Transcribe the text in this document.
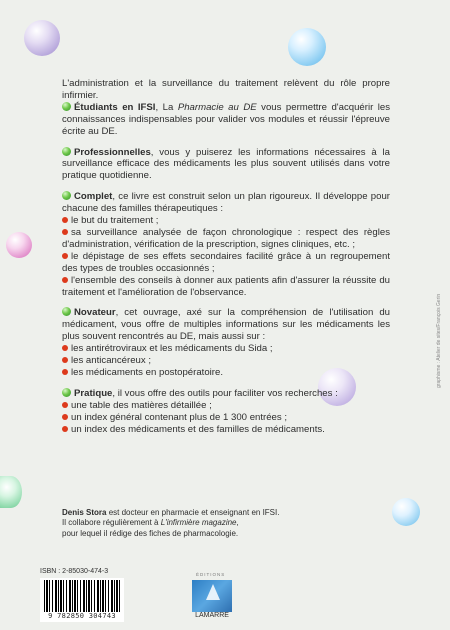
L'administration et la surveillance du traitement relèvent du rôle propre infirmier.

Étudiants en IFSI, La Pharmacie au DE vous permettre d'acquérir les connaissances indispensables pour valider vos modules et réussir l'épreuve écrite au DE.

Professionnelles, vous y puiserez les informations nécessaires à la surveillance efficace des médicaments les plus souvent utilisés dans votre pratique quotidienne.

Complet, ce livre est construit selon un plan rigoureux. Il développe pour chacune des familles thérapeutiques :

le but du traitement ;
sa surveillance analysée de façon chronologique : respect des règles d'administration, vérification de la prescription, signes cliniques, etc. ;
le dépistage de ses effets secondaires facilité grâce à un regroupement des types de troubles occasionnés ;
l'ensemble des conseils à donner aux patients afin d'assurer la réussite du traitement et l'amélioration de l'observance.

Novateur, cet ouvrage, axé sur la compréhension de l'utilisation du médicament, vous offre de multiples informations sur les médicaments les plus souvent rencontrés au DE, mais aussi sur :

les antirétroviraux et les médicaments du Sida ;
les anticancéreux ;
les médicaments en postopératoire.

Pratique, il vous offre des outils pour faciliter vos recherches :

une table des matières détaillée ;
un index général contenant plus de 1 300 entrées ;
un index des médicaments et des familles de médicaments.
Denis Stora est docteur en pharmacie et enseignant en IFSI.
Il collabore régulièrement à L'infirmière magazine,
pour lequel il rédige des fiches de pharmacologie.
graphisme : Atelier de sites/François Gerin
ISBN : 2-85030-474-3
9 782850 304743
ÉDITIONS
LAMARRE
